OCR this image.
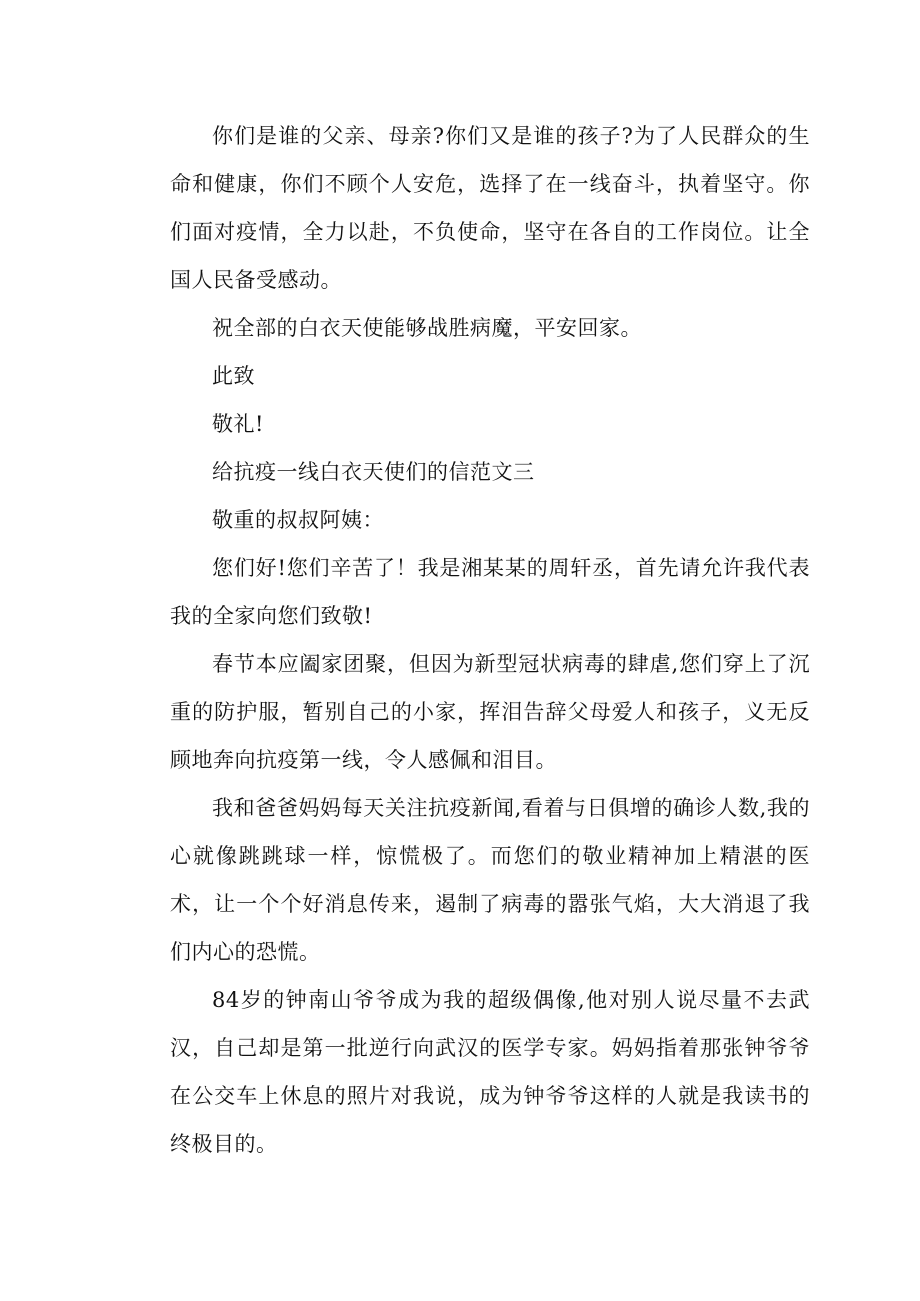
你们是谁的父亲、母亲?你们又是谁的孩子?为了人民群众的生命和健康，你们不顾个人安危，选择了在一线奋斗，执着坚守。你们面对疫情，全力以赴，不负使命，坚守在各自的工作岗位。让全国人民备受感动。

祝全部的白衣天使能够战胜病魔，平安回家。

此致

敬礼!

给抗疫一线白衣天使们的信范文三

敬重的叔叔阿姨：

您们好!您们辛苦了！我是湘某某的周轩丞，首先请允许我代表我的全家向您们致敬!

春节本应阖家团聚，但因为新型冠状病毒的肆虐,您们穿上了沉重的防护服，暂别自己的小家，挥泪告辞父母爱人和孩子，义无反顾地奔向抗疫第一线，令人感佩和泪目。

我和爸爸妈妈每天关注抗疫新闻,看着与日俱增的确诊人数,我的心就像跳跳球一样，惊慌极了。而您们的敬业精神加上精湛的医术，让一个个好消息传来，遏制了病毒的嚣张气焰，大大消退了我们内心的恐慌。

84岁的钟南山爷爷成为我的超级偶像,他对别人说尽量不去武汉，自己却是第一批逆行向武汉的医学专家。妈妈指着那张钟爷爷在公交车上休息的照片对我说，成为钟爷爷这样的人就是我读书的终极目的。
